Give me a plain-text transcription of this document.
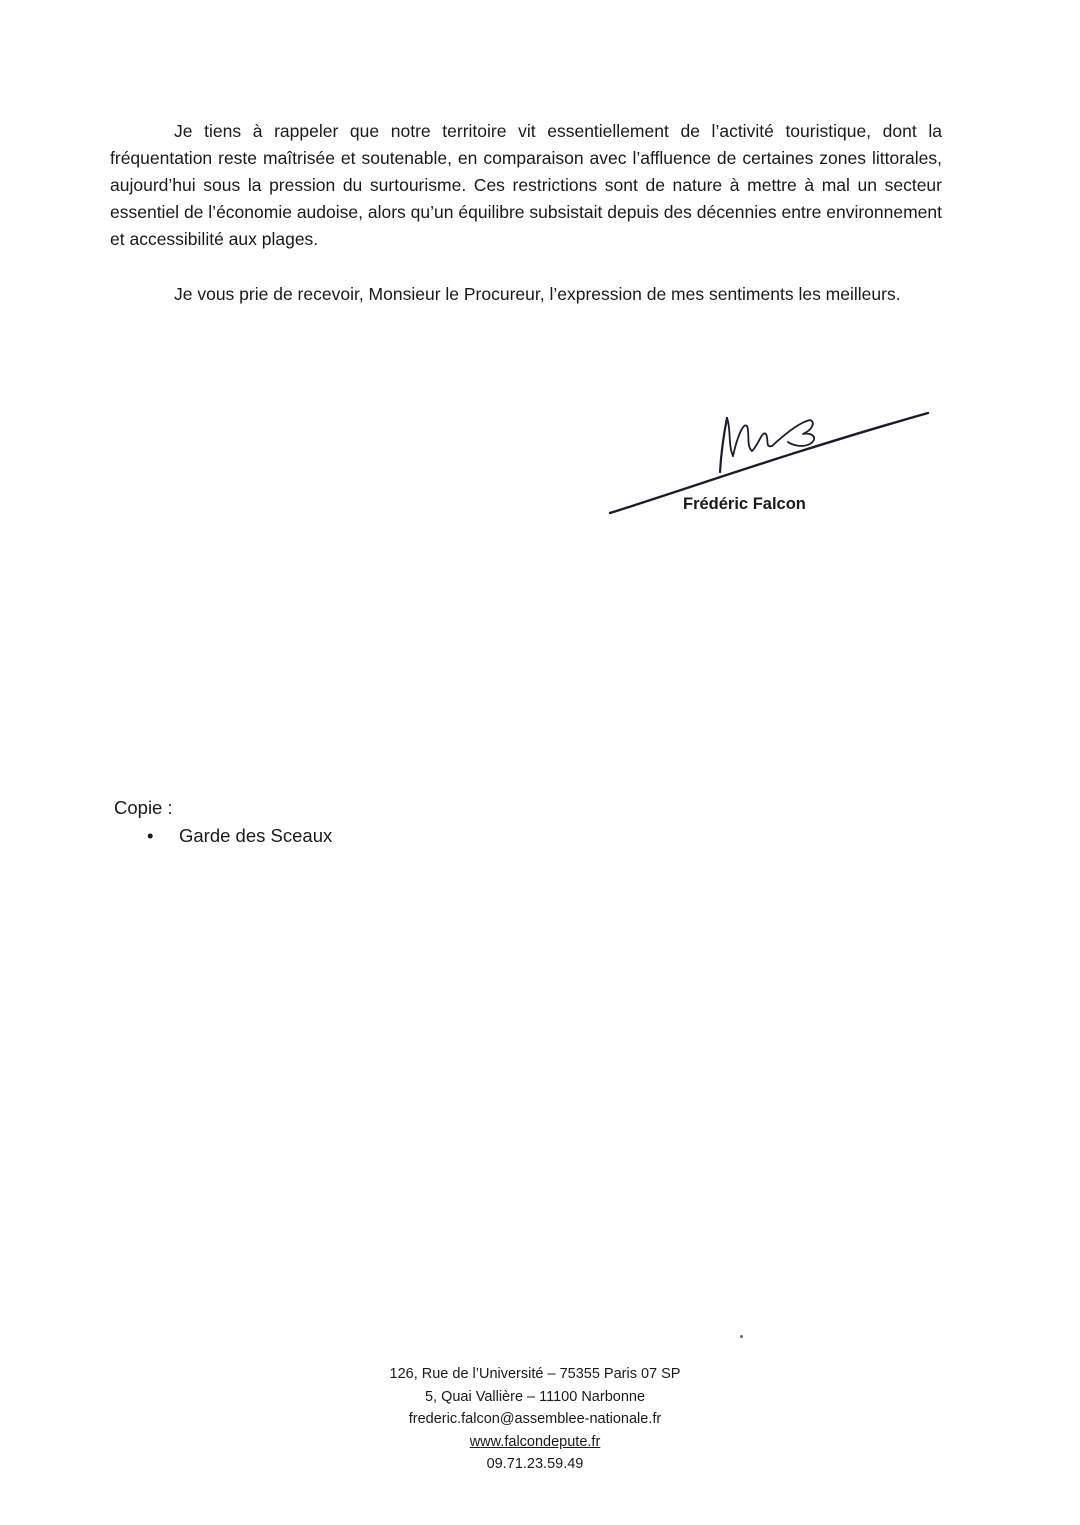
Je tiens à rappeler que notre territoire vit essentiellement de l’activité touristique, dont la fréquentation reste maîtrisée et soutenable, en comparaison avec l’affluence de certaines zones littorales, aujourd’hui sous la pression du surtourisme. Ces restrictions sont de nature à mettre à mal un secteur essentiel de l’économie audoise, alors qu’un équilibre subsistait depuis des décennies entre environnement et accessibilité aux plages.

Je vous prie de recevoir, Monsieur le Procureur, l’expression de mes sentiments les meilleurs.

Frédéric Falcon
Copie :
• Garde des Sceaux
126, Rue de l’Université – 75355 Paris 07 SP
5, Quai Vallière – 11100 Narbonne
frederic.falcon@assemblee-nationale.fr
www.falcondepute.fr
09.71.23.59.49
